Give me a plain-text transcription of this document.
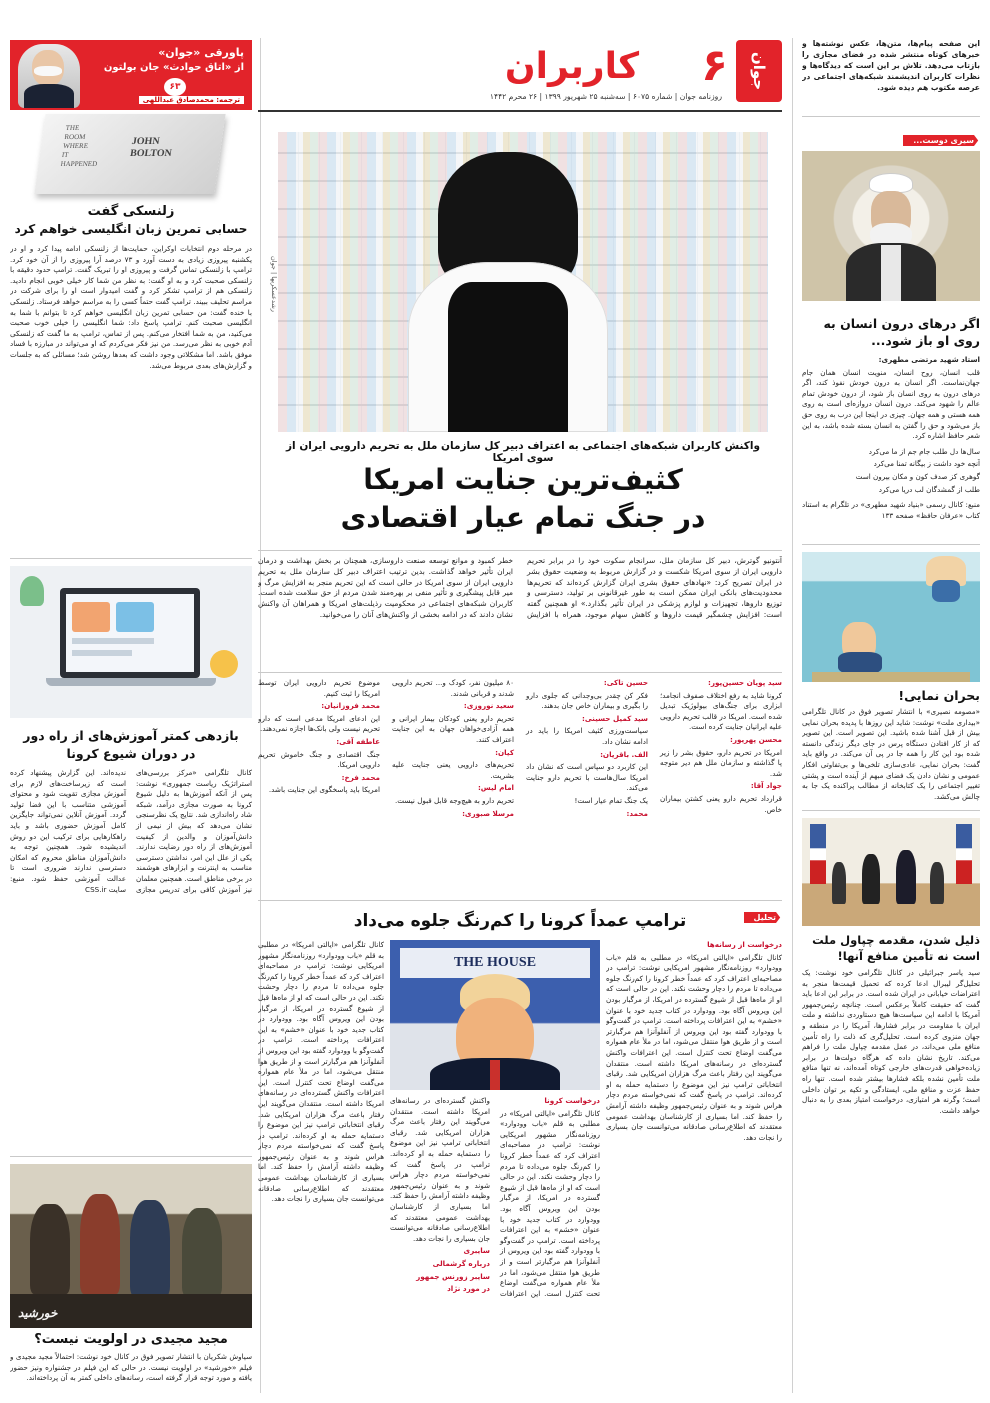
این صفحه پیام‌ها، متن‌ها، عکس نوشته‌ها و خبرهای کوتاه منتشر شده در فضای مجازی را بازتاب می‌دهد. تلاش بر این است که دیدگاه‌ها و نظرات کاربران اندیشمند شبکه‌های اجتماعی در عرصه مکتوب هم دیده شود.
سیری دوست...
اگر درهای درون انسان به روی او باز شود...

استاد شهید مرتضی مطهری:

قلب انسان، روح انسان، منویت انسان همان جام جهان‌نماست. اگر انسان به درون خودش نفوذ کند، اگر درهای درون به روی انسان باز شود، از درون خودش تمام عالم را شهود می‌کند. درون انسان دروازه‌ای است به روی همه هستی و همه جهان. چیزی در اینجا این درب به روی حق باز می‌شود و حق را گفتن به انسان بسته شده باشد، به این شعر حافظ اشاره کرد.

سال‌ها دل طلب جام جم از ما می‌کرد

آنچه خود داشت ز بیگانه تمنا می‌کرد

گوهری کز صدف کون و مکان بیرون است

طلب از گمشدگان لب دریا می‌کرد

منبع: کانال رسمی «بنیاد شهید مطهری» در تلگرام به استناد کتاب «عرفان حافظ» صفحه ۱۳۳

بحران نمایی!
«مصومه نصیری» با انتشار تصویر فوق در کانال تلگرامی «بیداری ملت» نوشت: شاید این روزها با پدیده بحران نمایی بیش از قبل آشنا شده باشید. این تصویر است. این تصویر که از کار افتادن دستگاه پرس در جای دیگر زندگی دانسته شده بود این کار را همه جا در پی آن می‌کند. در واقع باید گفت: بحران نمایی، عادی‌سازی تلخی‌ها و بی‌تفاوتی افکار عمومی و نشان دادن یک فضای مبهم از آینده است و پشتی تغییر اجتماعی را یک کتابخانه از مطالب پراکنده یک جا به چالش می‌کشد.
ذلیل شدن، مقدمه چپاول ملت است نه تأمین منافع آنها!
سید یاسر جبرائیلی در کانال تلگرامی خود نوشت: یک تحلیل‌گر لیبرال ادعا کرده که تحمیل قیمت‌ها منجر به اعتراضات خیابانی در ایران شده است. در برابر این ادعا باید گفت که حقیقت کاملاً برعکس است. چنانچه رئیس‌جمهور آمریکا با ادامه این سیاست‌ها هیچ دستاوردی نداشته و ملت ایران با مقاومت در برابر فشارها، آمریکا را در منطقه و جهان منزوی کرده است. تحلیل‌گری که ذلت را راه تأمین منافع ملی می‌داند، در عمل مقدمه چپاول ملت را فراهم می‌کند. تاریخ نشان داده که هرگاه دولت‌ها در برابر زیاده‌خواهی قدرت‌های خارجی کوتاه آمده‌اند، نه تنها منافع ملت تأمین نشده بلکه فشارها بیشتر شده است. تنها راه حفظ عزت و منافع ملی، ایستادگی و تکیه بر توان داخلی است؛ وگرنه هر امتیازی، درخواست امتیاز بعدی را به دنبال خواهد داشت.
جوان
۶
کاربران
روزنامه جوان | شماره ۶۰۷۵ | سه‌شنبه ۲۵ شهریور ۱۳۹۹ | ۲۶ محرم ۱۴۴۲
رشدعسکریها | جوان
واکنش کاربران شبکه‌های اجتماعی به اعتراف دبیر کل سازمان ملل به تحریم دارویی ایران از سوی امریکا
کثیف‌ترین جنایت امریکا
در جنگ تمام عیار اقتصادی
آنتونیو گوترش، دبیر کل سازمان ملل، سرانجام سکوت خود را در برابر تحریم دارویی ایران از سوی امریکا شکست و در گزارش مربوط به وضعیت حقوق بشر در ایران تصریح کرد: «نهادهای حقوق بشری ایران گزارش کرده‌اند که تحریم‌ها محدودیت‌های بانکی ایران ممکن است به طور غیرقانونی بر تولید، دسترسی و توزیع داروها، تجهیزات و لوازم پزشکی در ایران تأثیر بگذارد.» او همچنین گفته است: افزایش چشمگیر قیمت داروها و کاهش سهام موجود، همراه با افزایش خطر کمبود و موانع توسعه صنعت داروسازی، همچنان بر بخش بهداشت و درمان ایران تأثیر خواهد گذاشت. بدین ترتیب اعتراف دبیر کل سازمان ملل به تحریم دارویی ایران از سوی امریکا در حالی است که این تحریم منجر به افزایش مرگ و میر قابل پیشگیری و تأثیر منفی بر بهره‌مند شدن مردم از حق سلامت شده است. کاربران شبکه‌های اجتماعی در محکومیت رذیلت‌های امریکا و همراهان آن واکنش نشان دادند که در ادامه بخشی از واکنش‌های آنان را می‌خوانید.

سید پویان حسین‌پور:

کرونا شاید به رفع اختلاف صفوف انجامد؛ ابزاری برای جنگ‌های بیولوژیک تبدیل شده است. امریکا در قالب تحریم دارویی علیه ایرانیان جنایت کرده است.

محسن پهریور:

امریکا در تحریم دارو، حقوق بشر را زیر پا گذاشته و سازمان ملل هم دیر متوجه شد.

جواد آقا:

قرارداد تحریم دارو یعنی کشتن بیماران خاص.

حسین تاکی:

فکر کن چقدر بی‌وجدانی که جلوی دارو را بگیری و بیماران خاص جان بدهند.

سید کمیل حسینی:

سیاست‌ورزی کثیف امریکا را باید در ادامه نشان داد.

الف. باقریان:

این کاربرد دو سپاس است که نشان داد امریکا سال‌هاست با تحریم دارو جنایت می‌کند.

یک جنگ تمام عیار است!

محمد:

۸۰ میلیون نفر، کودک و... تحریم دارویی شدند و قربانی شدند.

سعید نوروزی:

تحریم دارو یعنی کودکان بیمار ایرانی و همه آزادی‌خواهان جهان به این جنایت اعتراف کنند.

کیان:

تحریم‌های دارویی یعنی جنایت علیه بشریت.

امام لیس:

تحریم دارو به هیچ‌وجه قابل قبول نیست.

مرسلا صبوری:

موضوع تحریم دارویی ایران توسط امریکا را ثبت کنیم.

محمد فروزانیان:

این ادعای امریکا مدعی است که دارو تحریم نیست ولی بانک‌ها اجازه نمی‌دهند.

عاطفه آقی:

جنگ اقتصادی و جنگ خاموش تحریم دارویی امریکا.

محمد فرخ:

امریکا باید پاسخگوی این جنایت باشد.

تحلیل
ترامپ عمداً کرونا را کم‌رنگ جلوه می‌داد
THE HOUSE
کانال تلگرامی «ایالتی امریکا» در مطلبی به قلم «باب وودوارد» روزنامه‌نگار مشهور امریکایی نوشت: ترامپ در مصاحبه‌ای اعتراف کرد که عمداً خطر کرونا را کم‌رنگ جلوه می‌داده تا مردم را دچار وحشت نکند. این در حالی است که او از ماه‌ها قبل از شیوع گسترده در امریکا، از مرگبار بودن این ویروس آگاه بود. وودوارد در کتاب جدید خود با عنوان «خشم» به این اعترافات پرداخته است. ترامپ در گفت‌وگو با وودوارد گفته بود این ویروس از آنفلوآنزا هم مرگبارتر است و از طریق هوا منتقل می‌شود، اما در ملأ عام همواره می‌گفت اوضاع تحت کنترل است. این اعترافات واکنش گسترده‌ای در رسانه‌های امریکا داشته است. منتقدان می‌گویند این رفتار باعث مرگ هزاران امریکایی شد. رقبای انتخاباتی ترامپ نیز این موضوع را دستمایه حمله به او کرده‌اند. ترامپ در پاسخ گفت که نمی‌خواسته مردم دچار هراس شوند و به عنوان رئیس‌جمهور وظیفه داشته آرامش را حفظ کند. اما بسیاری از کارشناسان بهداشت عمومی معتقدند که اطلاع‌رسانی صادقانه می‌توانست جان بسیاری را نجات دهد.

درخواست از رسانه‌ها

کانال تلگرامی «ایالتی امریکا» در مطلبی به قلم «باب وودوارد» روزنامه‌نگار مشهور امریکایی نوشت: ترامپ در مصاحبه‌ای اعتراف کرد که عمداً خطر کرونا را کم‌رنگ جلوه می‌داده تا مردم را دچار وحشت نکند. این در حالی است که او از ماه‌ها قبل از شیوع گسترده در امریکا، از مرگبار بودن این ویروس آگاه بود. وودوارد در کتاب جدید خود با عنوان «خشم» به این اعترافات پرداخته است. ترامپ در گفت‌وگو با وودوارد گفته بود این ویروس از آنفلوآنزا هم مرگبارتر است و از طریق هوا منتقل می‌شود، اما در ملأ عام همواره می‌گفت اوضاع تحت کنترل است. این اعترافات واکنش گسترده‌ای در رسانه‌های امریکا داشته است. منتقدان می‌گویند این رفتار باعث مرگ هزاران امریکایی شد. رقبای انتخاباتی ترامپ نیز این موضوع را دستمایه حمله به او کرده‌اند. ترامپ در پاسخ گفت که نمی‌خواسته مردم دچار هراس شوند و به عنوان رئیس‌جمهور وظیفه داشته آرامش را حفظ کند. اما بسیاری از کارشناسان بهداشت عمومی معتقدند که اطلاع‌رسانی صادقانه می‌توانست جان بسیاری را نجات دهد.

درخواست کرونا

کانال تلگرامی «ایالتی امریکا» در مطلبی به قلم «باب وودوارد» روزنامه‌نگار مشهور امریکایی نوشت: ترامپ در مصاحبه‌ای اعتراف کرد که عمداً خطر کرونا را کم‌رنگ جلوه می‌داده تا مردم را دچار وحشت نکند. این در حالی است که او از ماه‌ها قبل از شیوع گسترده در امریکا، از مرگبار بودن این ویروس آگاه بود. وودوارد در کتاب جدید خود با عنوان «خشم» به این اعترافات پرداخته است. ترامپ در گفت‌وگو با وودوارد گفته بود این ویروس از آنفلوآنزا هم مرگبارتر است و از طریق هوا منتقل می‌شود، اما در ملأ عام همواره می‌گفت اوضاع تحت کنترل است. این اعترافات واکنش گسترده‌ای در رسانه‌های امریکا داشته است. منتقدان می‌گویند این رفتار باعث مرگ هزاران امریکایی شد. رقبای انتخاباتی ترامپ نیز این موضوع را دستمایه حمله به او کرده‌اند. ترامپ در پاسخ گفت که نمی‌خواسته مردم دچار هراس شوند و به عنوان رئیس‌جمهور وظیفه داشته آرامش را حفظ کند. اما بسیاری از کارشناسان بهداشت عمومی معتقدند که اطلاع‌رسانی صادقانه می‌توانست جان بسیاری را نجات دهد.

سایبری

درباره گرشمالی

سایبر زورنس جمهور

در مورد نژاد

پاورقی «جوان»
از «اتاق حوادث» جان بولتون
۶۳
ترجمه: محمدصادق عبداللهی
THE
ROOM
WHERE
IT
HAPPENED
JOHN
BOLTON
زلنسکی گفت
حسابی تمرین زبان انگلیسی خواهم کرد
در مرحله دوم انتخابات اوکراین، حمایت‌ها از زلنسکی ادامه پیدا کرد و او در یکشنبه پیروزی زیادی به دست آورد و ۷۳ درصد آرا پیروزی را از آن خود کرد. ترامپ با زلنسکی تماس گرفت و پیروزی او را تبریک گفت. ترامپ حدود دقیقه با زلنسکی صحبت کرد و به او گفت: به نظر من شما کار خیلی خوبی انجام دادید. زلنسکی هم از ترامپ تشکر کرد و گفت امیدوار است او را برای شرکت در مراسم تحلیف ببیند. ترامپ گفت حتماً کسی را به مراسم خواهد فرستاد. زلنسکی با خنده گفت: من حسابی تمرین زبان انگلیسی خواهم کرد تا بتوانم با شما به انگلیسی صحبت کنم. ترامپ پاسخ داد: شما انگلیسی را خیلی خوب صحبت می‌کنید، من به شما افتخار می‌کنم. پس از تماس، ترامپ به ما گفت که زلنسکی آدم خوبی به نظر می‌رسد. من نیز فکر می‌کردم که او می‌تواند در مبارزه با فساد موفق باشد. اما مشکلاتی وجود داشت که بعدها روشن شد؛ مسائلی که به جلسات و گزارش‌های بعدی مربوط می‌شد.
بازدهی کمتر آموزش‌های از راه دور
در دوران شیوع کرونا
کانال تلگرامی «مرکز بررسی‌های استراتژیک ریاست جمهوری» نوشت: پس از آنکه آموزش‌ها به دلیل شیوع کرونا به صورت مجازی درآمد، شبکه شاد راه‌اندازی شد. نتایج یک نظرسنجی نشان می‌دهد که بیش از نیمی از دانش‌آموزان و والدین از کیفیت آموزش‌های از راه دور رضایت ندارند. یکی از علل این امر، نداشتن دسترسی مناسب به اینترنت و ابزارهای هوشمند در برخی مناطق است. همچنین معلمان نیز آموزش کافی برای تدریس مجازی ندیده‌اند. این گزارش پیشنهاد کرده است که زیرساخت‌های لازم برای آموزش مجازی تقویت شود و محتوای آموزشی متناسب با این فضا تولید گردد. آموزش آنلاین نمی‌تواند جایگزین کامل آموزش حضوری باشد و باید راهکارهایی برای ترکیب این دو روش اندیشیده شود. همچنین توجه به دانش‌آموزان مناطق محروم که امکان دسترسی ندارند ضروری است تا عدالت آموزشی حفظ شود. منبع: سایت CSS.ir
خورشید
مجید مجیدی در اولویت نیست؟
سیاوش شکریان با انتشار تصویر فوق در کانال خود نوشت: احتمالاً مجید مجیدی و فیلم «خورشید» در اولویت نیست. در حالی که این فیلم در جشنواره ونیز حضور یافته و مورد توجه قرار گرفته است، رسانه‌های داخلی کمتر به آن پرداخته‌اند.
